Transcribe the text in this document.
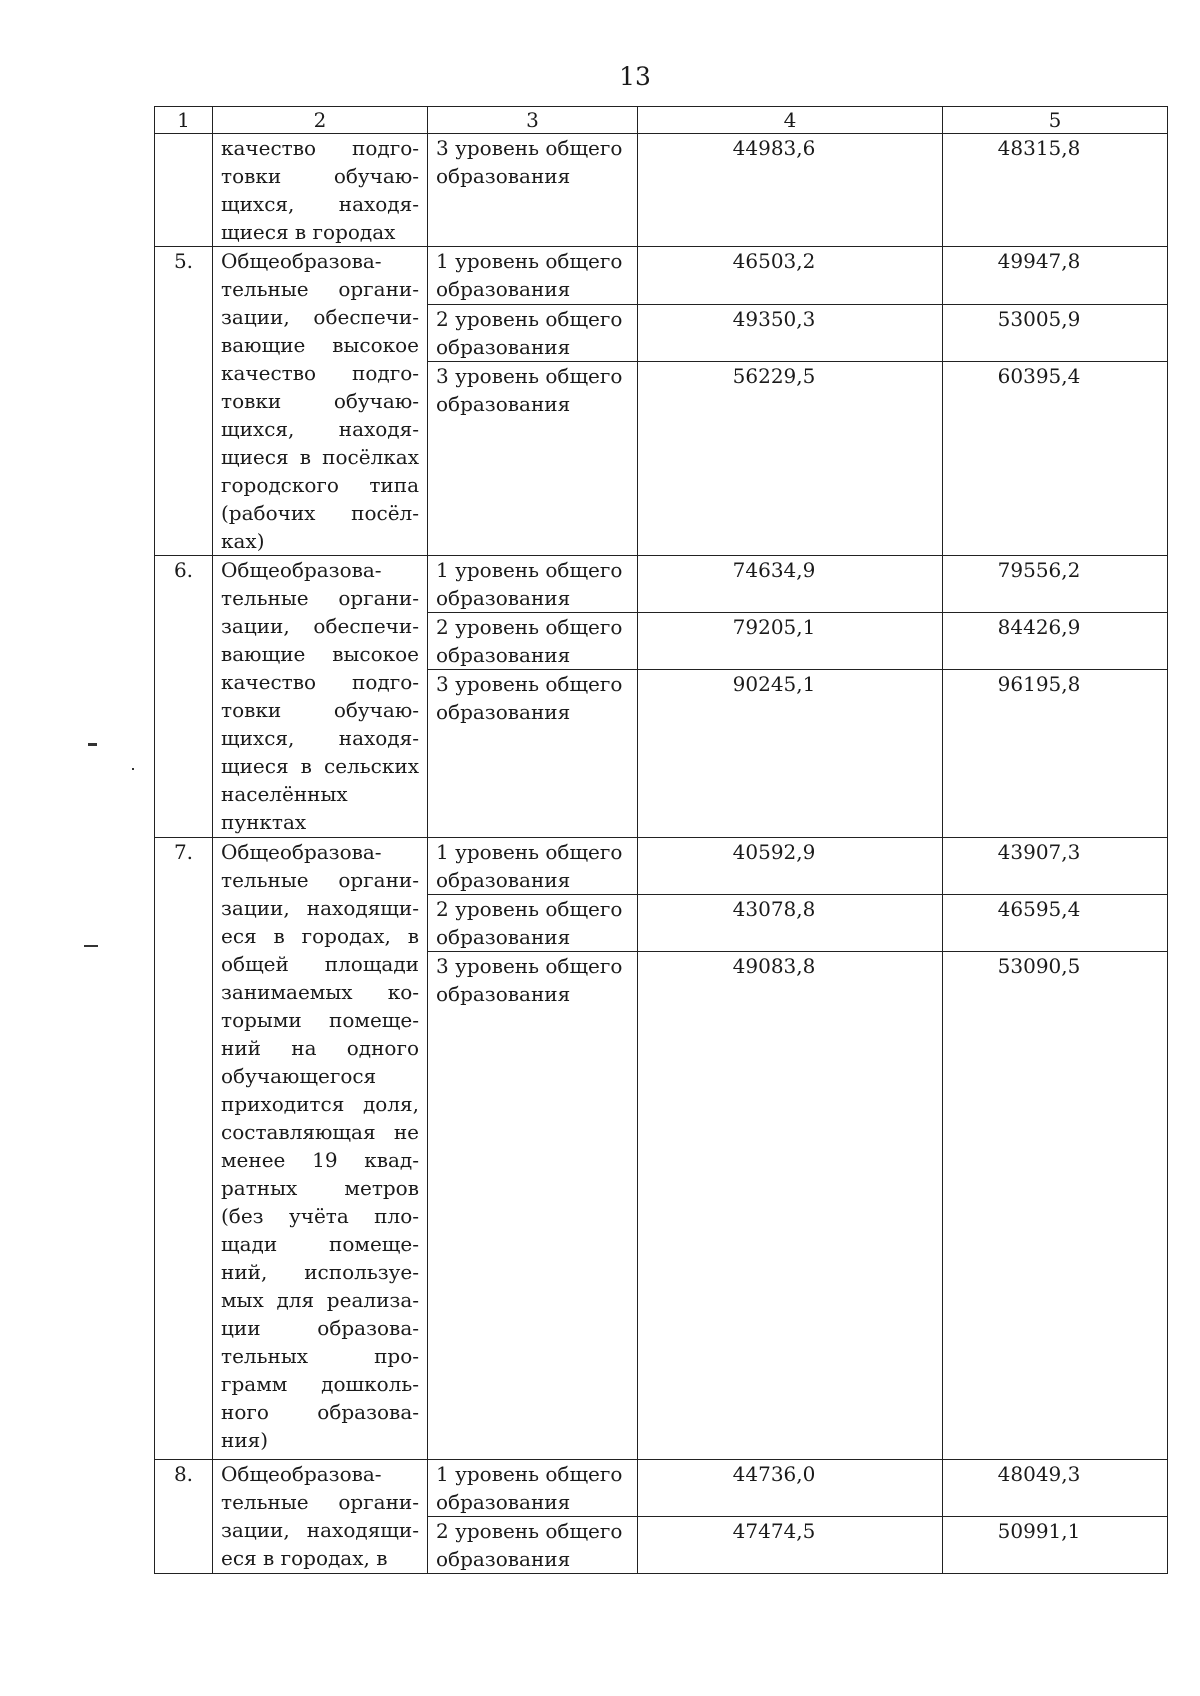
13
1	2	3	4	5
	качество подго-товки обучаю-щихся, находя-щиеся в городах	3 уровень общего образования	44983,6	48315,8
5.	Общеобразова-тельные органи-зации, обеспечи-вающие высокое качество подго-товки обучаю-щихся, находя-щиеся в посёлках городского типа (рабочих посёл-ках)	1 уровень общего образования	46503,2	49947,8
		2 уровень общего образования	49350,3	53005,9
		3 уровень общего образования	56229,5	60395,4
6.	Общеобразова-тельные органи-зации, обеспечи-вающие высокое качество подго-товки обучаю-щихся, находя-щиеся в сельских населённых пунктах	1 уровень общего образования	74634,9	79556,2
		2 уровень общего образования	79205,1	84426,9
		3 уровень общего образования	90245,1	96195,8
7.	Общеобразова-тельные органи-зации, находящи-еся в городах, в общей площади занимаемых ко-торыми помеще-ний на одного обучающегося приходится доля, составляющая не менее 19 квад-ратных метров (без учёта пло-щади помеще-ний, используе-мых для реализа-ции образова-тельных про-грамм дошколь-ного образова-ния)	1 уровень общего образования	40592,9	43907,3
		2 уровень общего образования	43078,8	46595,4
		3 уровень общего образования	49083,8	53090,5
8.	Общеобразова-тельные органи-зации, находящи-еся в городах, в	1 уровень общего образования	44736,0	48049,3
		2 уровень общего образования	47474,5	50991,1
